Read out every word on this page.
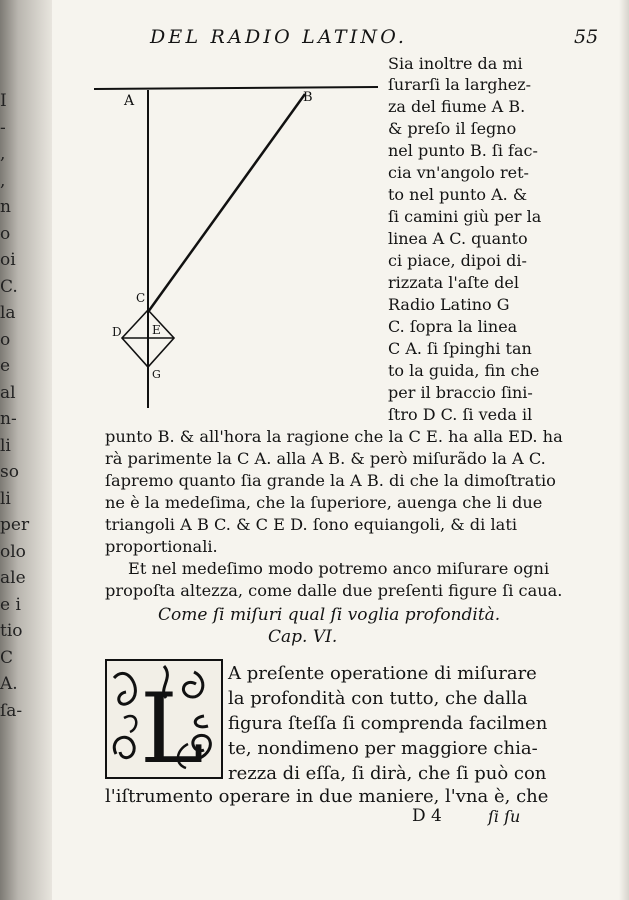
I
-
,
,
n
o
oi
C.
la
o
e
al
n-
li
so
li
per
olo
ale
e i
tio
C
A.
ſa-
DEL RADIO LATINO.	55
A	B
C
D	E
G
Sia inoltre da mi
ſurarſi la larghez-
za del fiume A B.
& preſo il ſegno
nel punto B. ſi fac-
cia vn'angolo ret-
to nel punto A. &
ſi camini giù per la
linea A C. quanto
ci piace, dipoi di-
rizzata l'aſte del
Radio Latino G
C. ſopra la linea
C A. ſi ſpinghi tan
to la guida, fin che
per il braccio ſini-
ſtro D C. ſi veda il
punto B. & all'hora la ragione che la C E. ha alla ED. ha
rà parimente la C A. alla A B. & però miſurãdo la A C.
ſapremo quanto ſia grande la A B. di che la dimoſtratio
ne è la medeſima, che la ſuperiore, auenga che li due
triangoli A B C. & C E D. ſono equiangoli, & di lati
proportionali.
Et nel medeſimo modo potremo anco miſurare ogni
propoſta altezza, come dalle due preſenti figure ſi caua.
Come ſi miſuri qual ſi voglia profondità.
Cap. VI.
L A preſente operatione di miſurare
la profondità con tutto, che dalla
figura ſteſſa ſi comprenda facilmen
te, nondimeno per maggiore chia-
rezza di eſſa, ſi dirà, che ſi può con
l'iſtrumento operare in due maniere, l'vna è, che
D 4	ſi ſu
